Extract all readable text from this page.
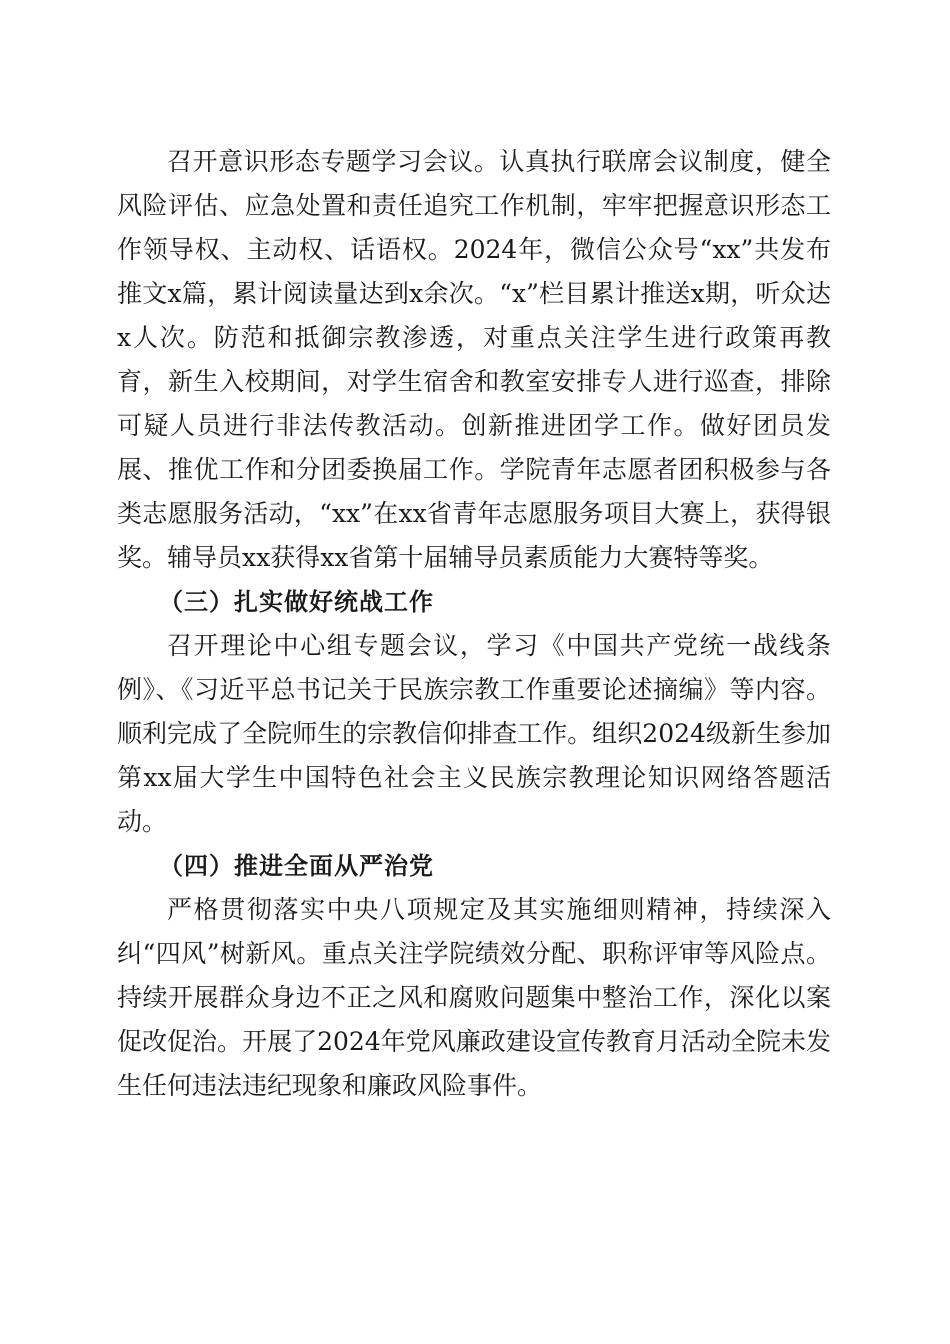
召开意识形态专题学习会议。认真执行联席会议制度，健全风险评估、应急处置和责任追究工作机制，牢牢把握意识形态工作领导权、主动权、话语权。2024年，微信公众号“xx”共发布推文x篇，累计阅读量达到x余次。“x”栏目累计推送x期，听众达x人次。防范和抵御宗教渗透，对重点关注学生进行政策再教育，新生入校期间，对学生宿舍和教室安排专人进行巡查，排除可疑人员进行非法传教活动。创新推进团学工作。做好团员发展、推优工作和分团委换届工作。学院青年志愿者团积极参与各类志愿服务活动，“xx”在xx省青年志愿服务项目大赛上，获得银奖。辅导员xx获得xx省第十届辅导员素质能力大赛特等奖。

（三）扎实做好统战工作

召开理论中心组专题会议，学习《中国共产党统一战线条例》、《习近平总书记关于民族宗教工作重要论述摘编》等内容。顺利完成了全院师生的宗教信仰排查工作。组织2024级新生参加第xx届大学生中国特色社会主义民族宗教理论知识网络答题活动。

（四）推进全面从严治党

严格贯彻落实中央八项规定及其实施细则精神，持续深入纠“四风”树新风。重点关注学院绩效分配、职称评审等风险点。持续开展群众身边不正之风和腐败问题集中整治工作，深化以案促改促治。开展了2024年党风廉政建设宣传教育月活动全院未发生任何违法违纪现象和廉政风险事件。
